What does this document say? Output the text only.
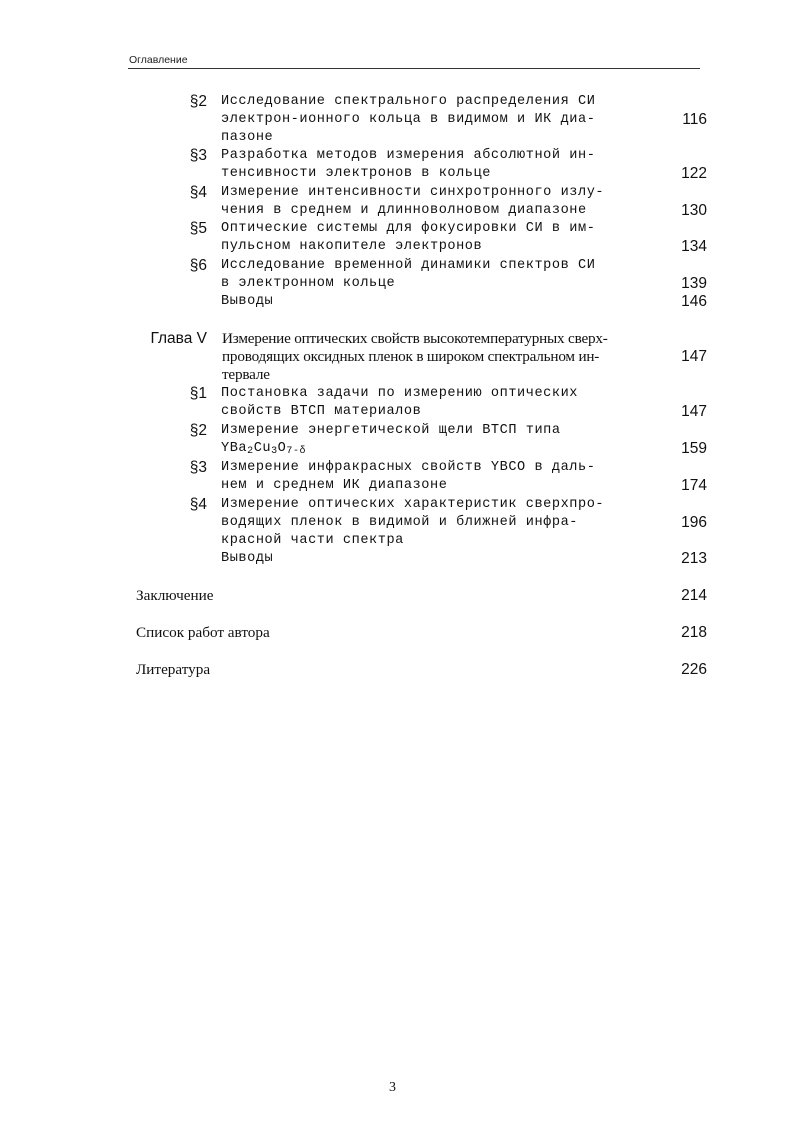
Оглавление
§2 Исследование спектрального распределения СИ
электрон-ионного кольца в видимом и ИК диа-	116
пазоне
§3 Разработка методов измерения абсолютной ин-
тенсивности электронов в кольце	122
§4 Измерение интенсивности синхротронного излу-
чения в среднем и длинноволновом диапазоне	130
§5 Оптические системы для фокусировки СИ в им-
пульсном накопителе электронов	134
§6 Исследование временной динамики спектров СИ
в электронном кольце	139
Выводы	146
Глава V Измерение оптических свойств высокотемпературных сверх-
проводящих оксидных пленок в широком спектральном ин-	147
тервале
§1 Постановка задачи по измерению оптических
свойств ВТСП материалов	147
§2 Измерение энергетической щели ВТСП типа
$YBa_2Cu_3O_{7-\delta}$	159
§3 Измерение инфракрасных свойств YBCO в даль-
нем и среднем ИК диапазоне	174
§4 Измерение оптических характеристик сверхпро-
водящих пленок в видимой и ближней инфра-	196
красной части спектра
Выводы	213
Заключение	214
Список работ автора	218
Литература	226
3
